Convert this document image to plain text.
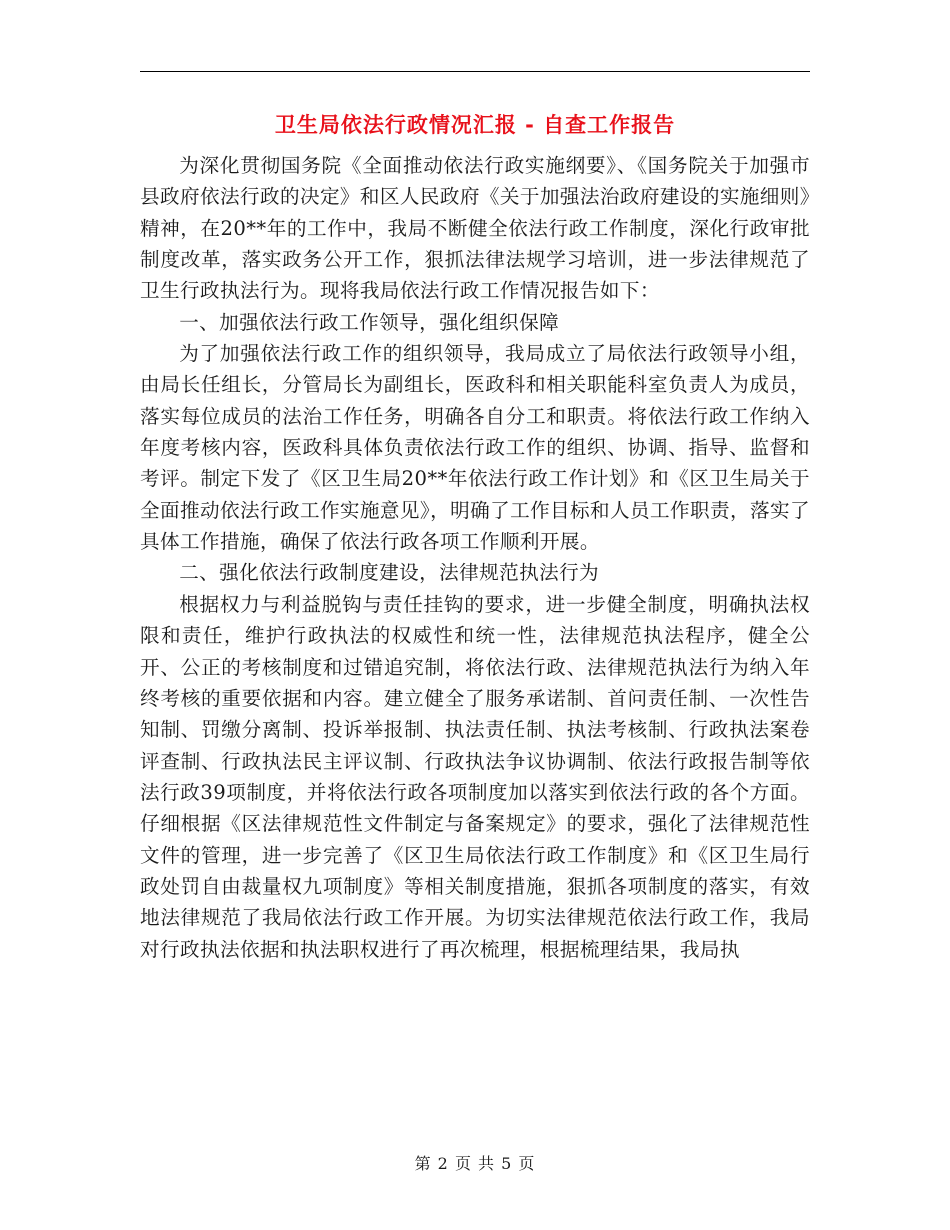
卫生局依法行政情况汇报 - 自查工作报告

为深化贯彻国务院《全面推动依法行政实施纲要》、《国务院关于加强市县政府依法行政的决定》和区人民政府《关于加强法治政府建设的实施细则》精神，在20**年的工作中，我局不断健全依法行政工作制度，深化行政审批制度改革，落实政务公开工作，狠抓法律法规学习培训，进一步法律规范了卫生行政执法行为。现将我局依法行政工作情况报告如下：

一、加强依法行政工作领导，强化组织保障

为了加强依法行政工作的组织领导，我局成立了局依法行政领导小组，由局长任组长，分管局长为副组长，医政科和相关职能科室负责人为成员，落实每位成员的法治工作任务，明确各自分工和职责。将依法行政工作纳入年度考核内容，医政科具体负责依法行政工作的组织、协调、指导、监督和考评。制定下发了《区卫生局20**年依法行政工作计划》和《区卫生局关于全面推动依法行政工作实施意见》，明确了工作目标和人员工作职责，落实了具体工作措施，确保了依法行政各项工作顺利开展。

二、强化依法行政制度建设，法律规范执法行为

根据权力与利益脱钩与责任挂钩的要求，进一步健全制度，明确执法权限和责任，维护行政执法的权威性和统一性，法律规范执法程序，健全公开、公正的考核制度和过错追究制，将依法行政、法律规范执法行为纳入年终考核的重要依据和内容。建立健全了服务承诺制、首问责任制、一次性告知制、罚缴分离制、投诉举报制、执法责任制、执法考核制、行政执法案卷评查制、行政执法民主评议制、行政执法争议协调制、依法行政报告制等依法行政39项制度，并将依法行政各项制度加以落实到依法行政的各个方面。仔细根据《区法律规范性文件制定与备案规定》的要求，强化了法律规范性文件的管理，进一步完善了《区卫生局依法行政工作制度》和《区卫生局行政处罚自由裁量权九项制度》等相关制度措施，狠抓各项制度的落实，有效地法律规范了我局依法行政工作开展。为切实法律规范依法行政工作，我局对行政执法依据和执法职权进行了再次梳理，根据梳理结果，我局执

第 2 页 共 5 页
